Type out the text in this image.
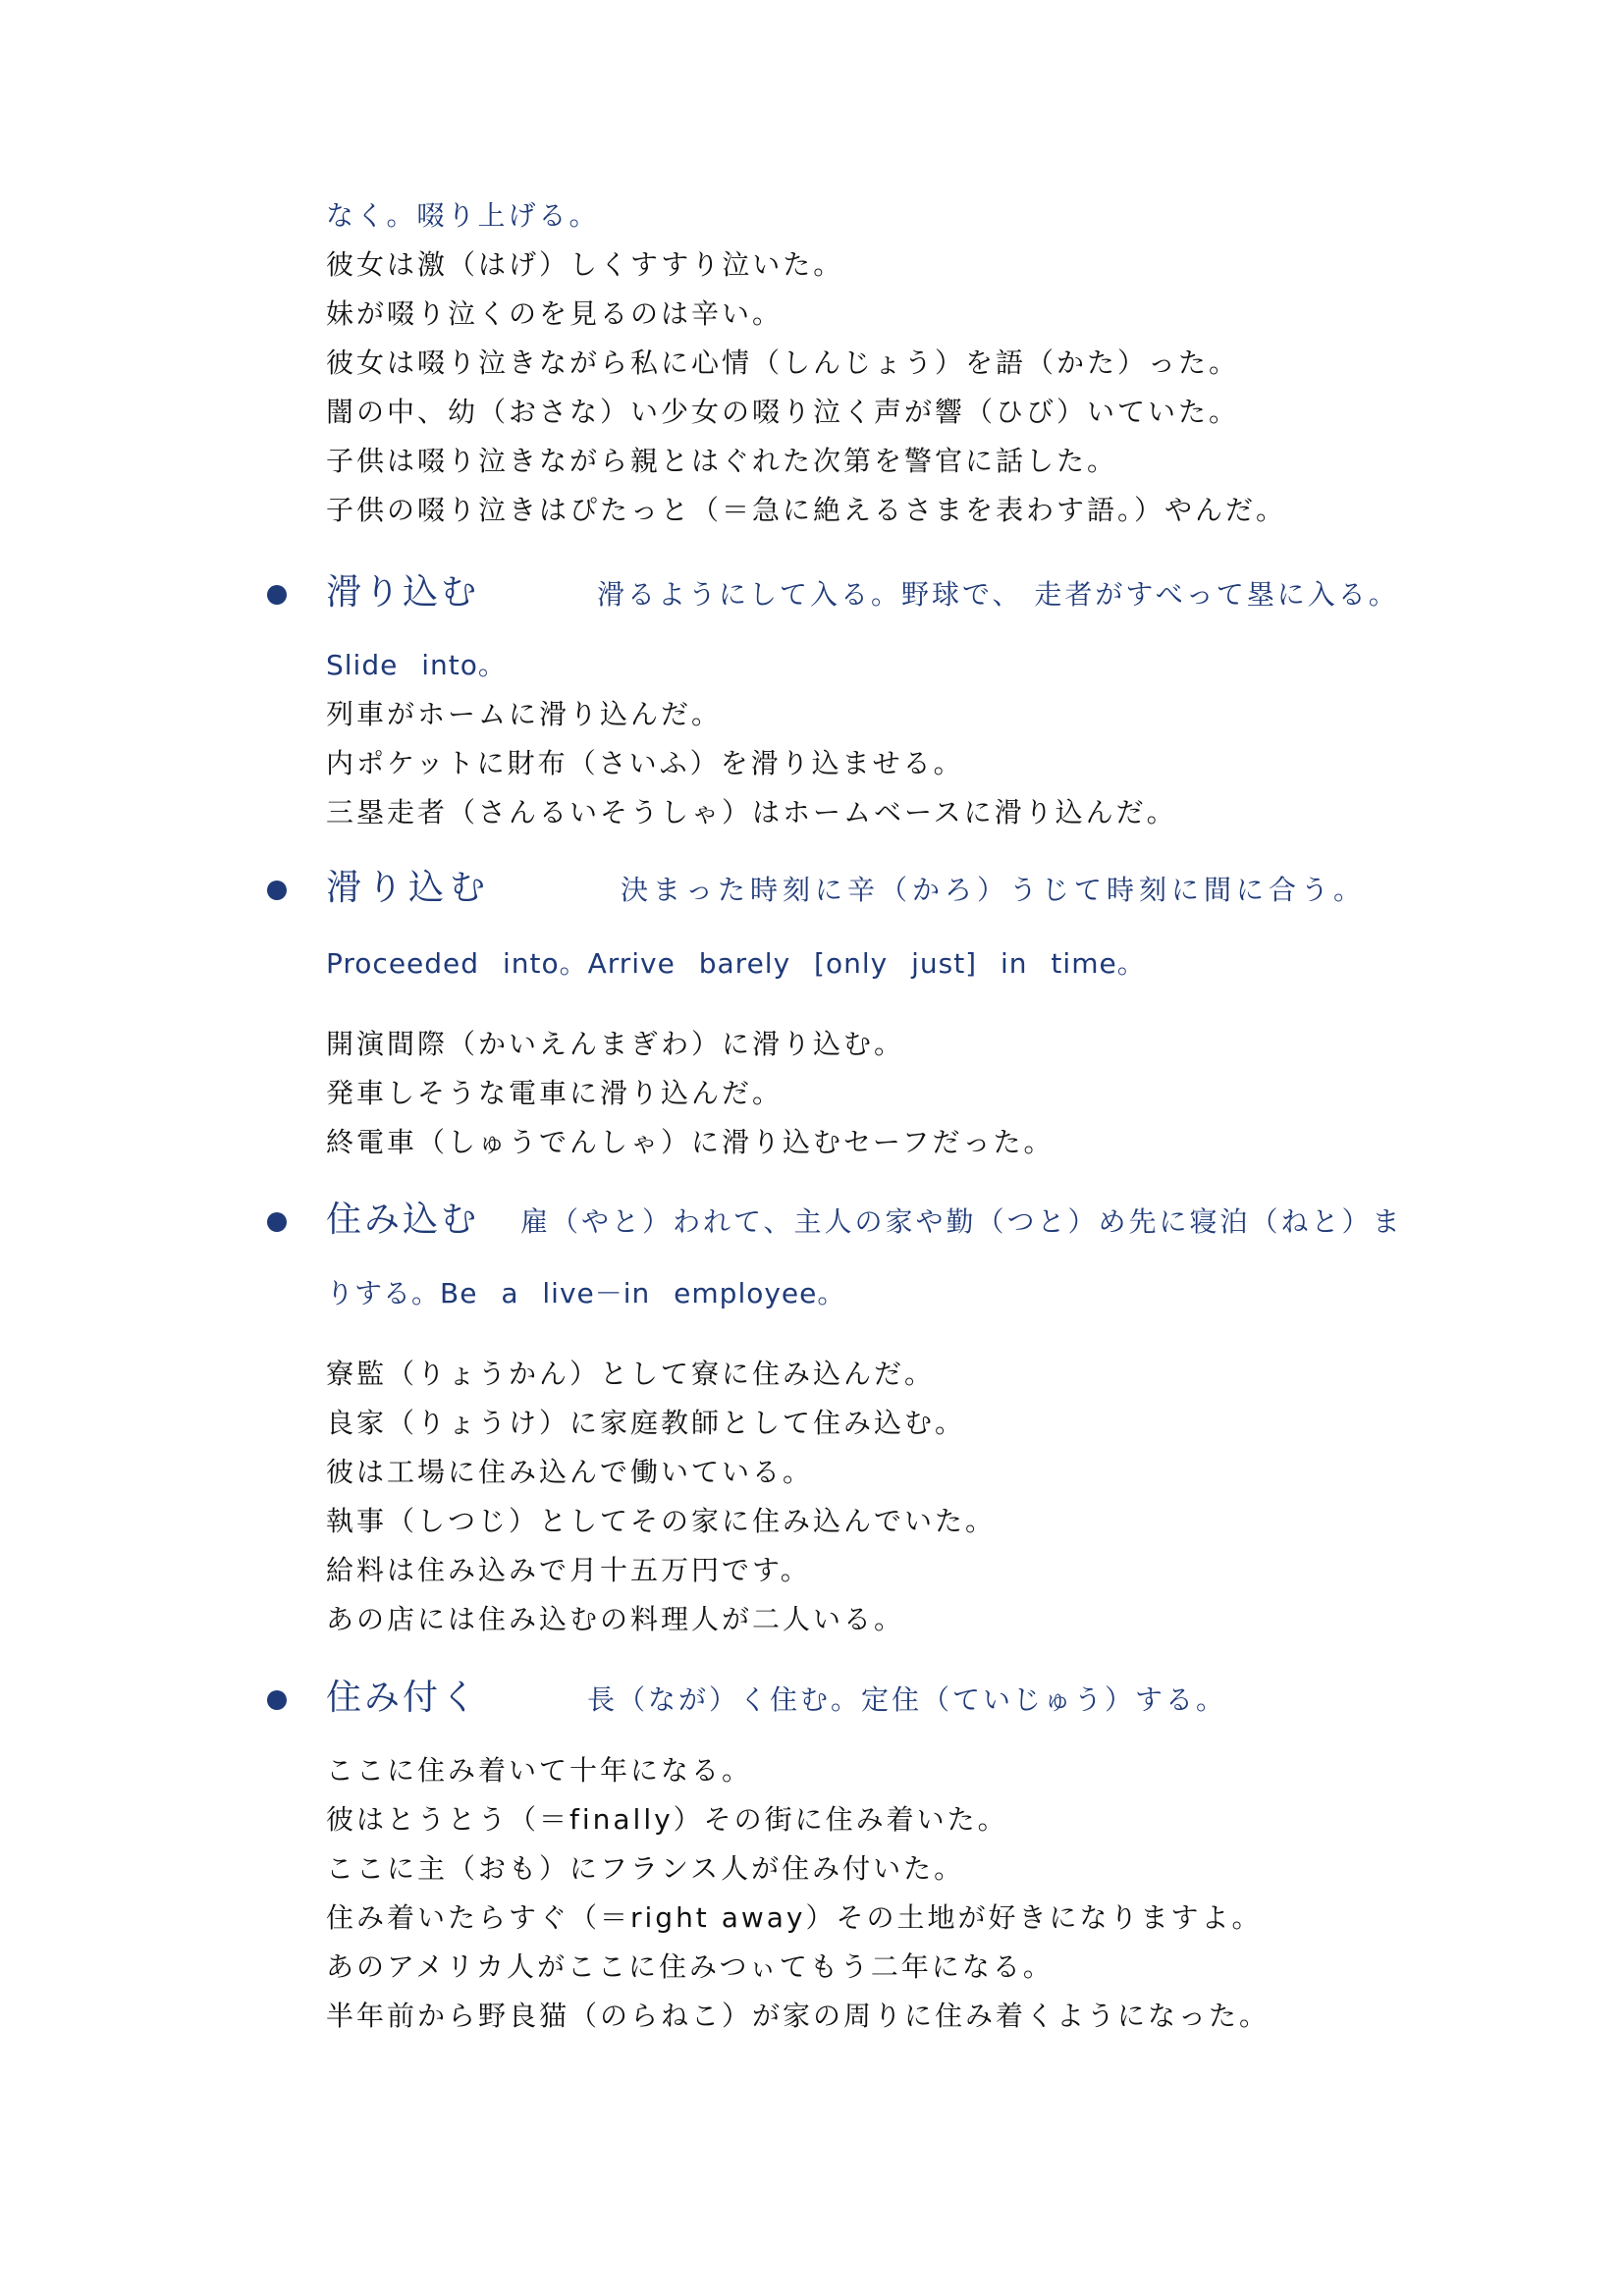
なく。啜り上げる。
彼女は激（はげ）しくすすり泣いた。
妹が啜り泣くのを見るのは辛い。
彼女は啜り泣きながら私に心情（しんじょう）を語（かた）った。
闇の中、幼（おさな）い少女の啜り泣く声が響（ひび）いていた。
子供は啜り泣きながら親とはぐれた次第を警官に話した。
子供の啜り泣きはぴたっと（＝急に絶えるさまを表わす語。）やんだ。
滑り込む	滑るようにして入る。野球で、 走者がすべって塁に入る。
Slide into。
列車がホームに滑り込んだ。
内ポケットに財布（さいふ）を滑り込ませる。
三塁走者（さんるいそうしゃ）はホームベースに滑り込んだ。
滑り込む	決まった時刻に辛（かろ）うじて時刻に間に合う。
Proceeded into。Arrive barely [only just] in time。
開演間際（かいえんまぎわ）に滑り込む。
発車しそうな電車に滑り込んだ。
終電車（しゅうでんしゃ）に滑り込むセーフだった。
住み込む 雇（やと）われて、主人の家や勤（つと）め先に寝泊（ねと）ま
りする。Be a live－in employee。
寮監（りょうかん）として寮に住み込んだ。
良家（りょうけ）に家庭教師として住み込む。
彼は工場に住み込んで働いている。
執事（しつじ）としてその家に住み込んでいた。
給料は住み込みで月十五万円です。
あの店には住み込むの料理人が二人いる。
住み付く	長（なが）く住む。定住（ていじゅう）する。
ここに住み着いて十年になる。
彼はとうとう（＝finally）その街に住み着いた。
ここに主（おも）にフランス人が住み付いた。
住み着いたらすぐ（＝right away）その土地が好きになりますよ。
あのアメリカ人がここに住みつぃてもう二年になる。
半年前から野良猫（のらねこ）が家の周りに住み着くようになった。
